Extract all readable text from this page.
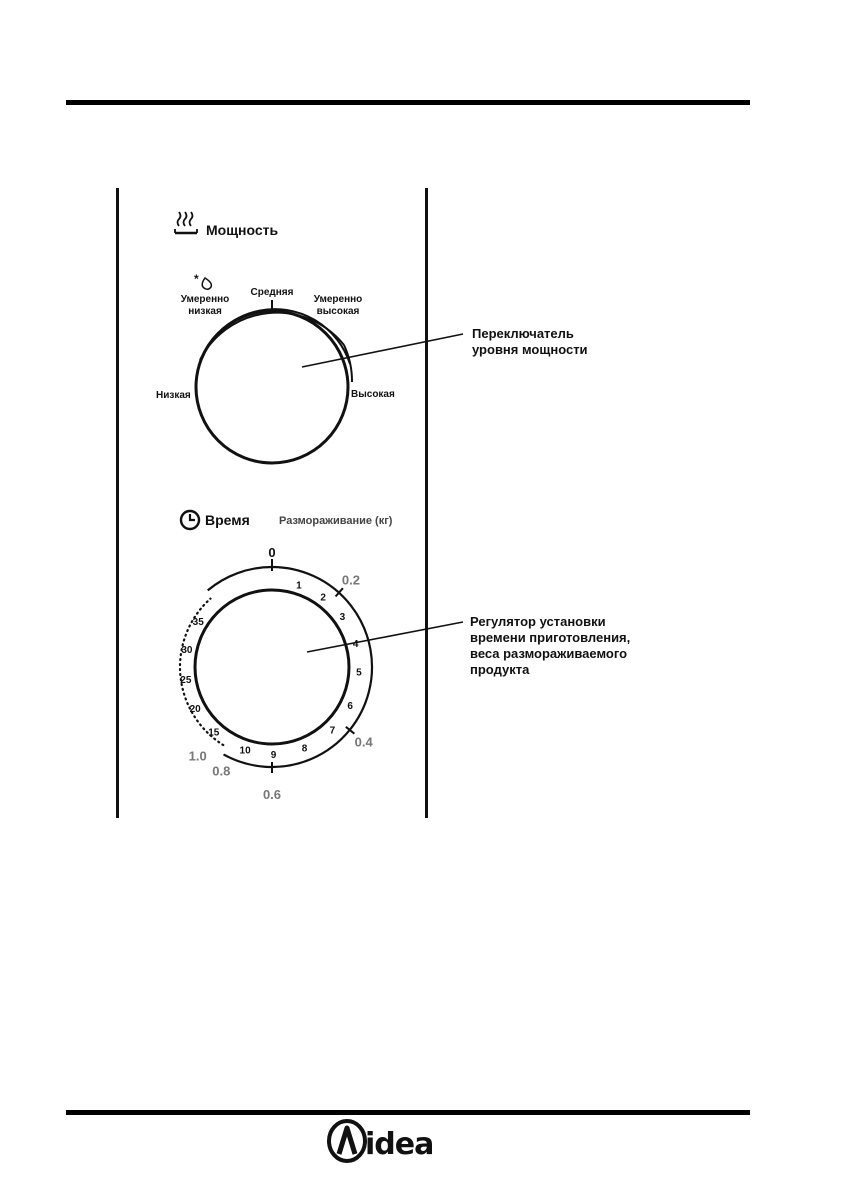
Мощность
*
Средняя
Умеренно
низкая
Умеренно
высокая
Низкая	Высокая
Время	Размораживание (кг)
0
1
2
3
4
5
6
7
8
9
10
15
20
25
30
35
0.2
0.4
0.6
0.8
1.0
Переключатель
уровня мощности
Регулятор установки
времени приготовления,
веса размораживаемого
продукта
idea
